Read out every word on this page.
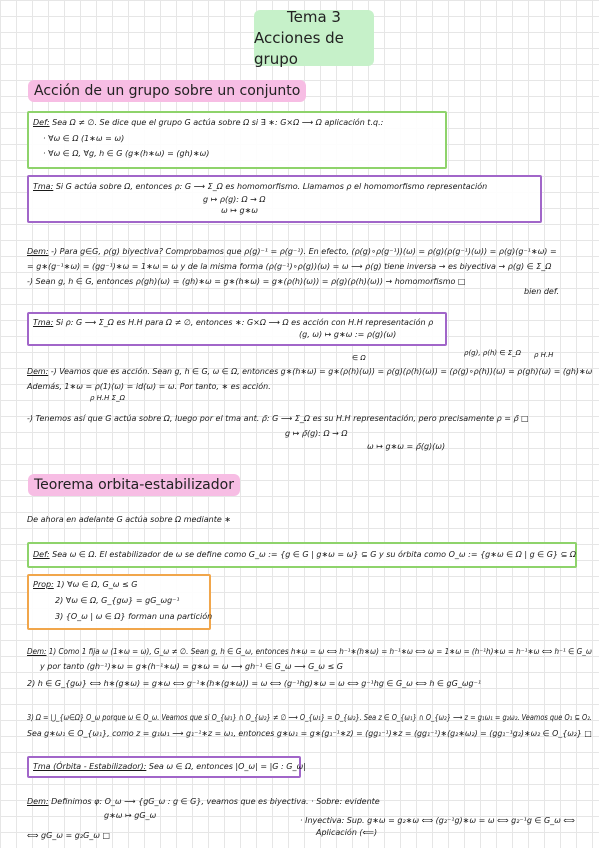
Tema 3
Acciones de grupo
Acción de un grupo sobre un conjunto
Def: Sea Ω ≠ ∅. Se dice que el grupo G actúa sobre Ω si ∃ ∗: G×Ω ⟶ Ω aplicación t.q.:
· ∀ω ∈ Ω (1∗ω = ω)
· ∀ω ∈ Ω, ∀g, h ∈ G (g∗(h∗ω) = (gh)∗ω)
Tma: Si G actúa sobre Ω, entonces ρ: G ⟶ Σ_Ω es homomorfismo. Llamamos ρ el homomorfismo representación
g ↦ ρ(g): Ω → Ω
ω ↦ g∗ω
Dem: -) Para g∈G, ρ(g) biyectiva? Comprobamos que ρ(g)⁻¹ = ρ(g⁻¹). En efecto, (ρ(g)∘ρ(g⁻¹))(ω) = ρ(g)(ρ(g⁻¹)(ω)) = ρ(g)(g⁻¹∗ω) =
= g∗(g⁻¹∗ω) = (gg⁻¹)∗ω = 1∗ω = ω y de la misma forma (ρ(g⁻¹)∘ρ(g))(ω) = ω ⟶ ρ(g) tiene inversa → es biyectiva → ρ(g) ∈ Σ_Ω
-) Sean g, h ∈ G, entonces ρ(gh)(ω) = (gh)∗ω = g∗(h∗ω) = g∗(ρ(h)(ω)) = ρ(g)(ρ(h)(ω)) → homomorfismo □
bien def.
Tma: Si ρ: G ⟶ Σ_Ω es H.H para Ω ≠ ∅, entonces ∗: G×Ω ⟶ Ω es acción con H.H representación ρ
(g, ω) ↦ g∗ω := ρ(g)(ω)
∈ Ω
ρ(g), ρ(h) ∈ Σ_Ω ρ H.H
Dem: -) Veamos que es acción. Sean g, h ∈ G, ω ∈ Ω, entonces g∗(h∗ω) = g∗(ρ(h)(ω)) = ρ(g)(ρ(h)(ω)) = (ρ(g)∘ρ(h))(ω) = ρ(gh)(ω) = (gh)∗ω
Además, 1∗ω = ρ(1)(ω) = id(ω) = ω. Por tanto, ∗ es acción.
ρ H.H Σ_Ω
-) Tenemos así que G actúa sobre Ω, luego por el tma ant. ρ̃: G ⟶ Σ_Ω es su H.H representación, pero precisamente ρ = ρ̃ □
g ↦ ρ̃(g): Ω → Ω
ω ↦ g∗ω = ρ̃(g)(ω)
Teorema orbita-estabilizador
De ahora en adelante G actúa sobre Ω mediante ∗
Def: Sea ω ∈ Ω. El estabilizador de ω se define como G_ω := {g ∈ G | g∗ω = ω} ⊆ G y su órbita como O_ω := {g∗ω ∈ Ω | g ∈ G} ⊆ Ω
Prop: 1) ∀ω ∈ Ω, G_ω ≤ G
2) ∀ω ∈ Ω, G_{gω} = gG_ωg⁻¹
3) {O_ω | ω ∈ Ω} forman una partición
Dem: 1) Como 1 fija ω (1∗ω = ω), G_ω ≠ ∅. Sean g, h ∈ G_ω, entonces h∗ω = ω ⟺ h⁻¹∗(h∗ω) = h⁻¹∗ω ⟺ ω = 1∗ω = (h⁻¹h)∗ω = h⁻¹∗ω ⟺ h⁻¹ ∈ G_ω
y por tanto (gh⁻¹)∗ω = g∗(h⁻¹∗ω) = g∗ω = ω ⟶ gh⁻¹ ∈ G_ω ⟶ G_ω ≤ G
2) h ∈ G_{gω} ⟺ h∗(g∗ω) = g∗ω ⟺ g⁻¹∗(h∗(g∗ω)) = ω ⟺ (g⁻¹hg)∗ω = ω ⟺ g⁻¹hg ∈ G_ω ⟺ h ∈ gG_ωg⁻¹
3) Ω = ⋃_{ω∈Ω} O_ω porque ω ∈ O_ω. Veamos que si O_{ω₁} ∩ O_{ω₂} ≠ ∅ ⟶ O_{ω₁} = O_{ω₂}. Sea z ∈ O_{ω₁} ∩ O_{ω₂} ⟶ z = g₁ω₁ = g₂ω₂. Veamos que O₁ ⊆ O₂.
Sea g∗ω₁ ∈ O_{ω₁}, como z = g₁ω₁ ⟶ g₁⁻¹∗z = ω₁, entonces g∗ω₁ = g∗(g₁⁻¹∗z) = (gg₁⁻¹)∗z = (gg₁⁻¹)∗(g₂∗ω₂) = (gg₁⁻¹g₂)∗ω₂ ∈ O_{ω₂} □
Tma (Órbita - Estabilizador): Sea ω ∈ Ω, entonces |O_ω| = |G : G_ω|
Dem: Definimos φ: O_ω ⟶ {gG_ω : g ∈ G}, veamos que es biyectiva. · Sobre: evidente
g∗ω ↦ gG_ω
· Inyectiva: Sup. g∗ω = g₂∗ω ⟺ (g₂⁻¹g)∗ω = ω ⟺ g₂⁻¹g ∈ G_ω ⟺
⟺ gG_ω = g₂G_ω □	Aplicación (⟸)
